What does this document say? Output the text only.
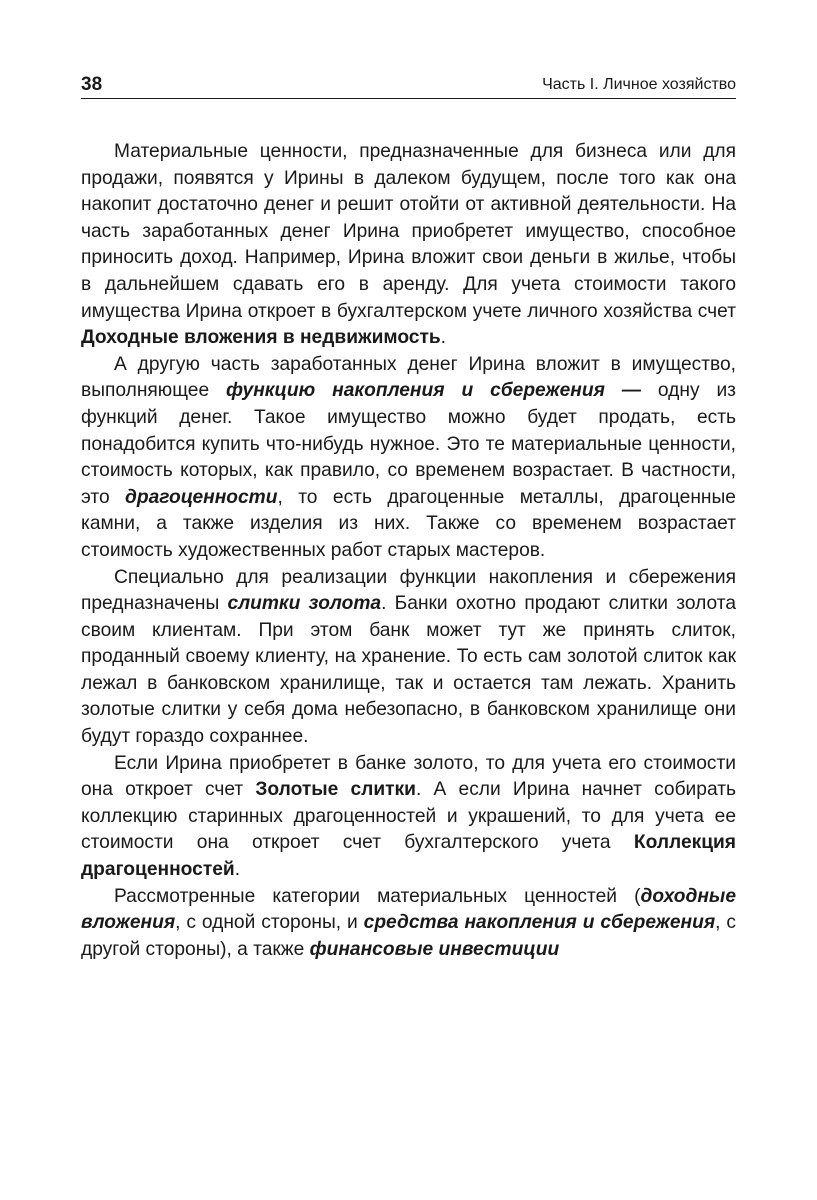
38	Часть I. Личное хозяйство

Материальные ценности, предназначенные для бизнеса или для продажи, появятся у Ирины в далеком будущем, после того как она накопит достаточно денег и решит отойти от активной деятельности. На часть заработанных денег Ирина приобретет имущество, способное приносить доход. Например, Ирина вложит свои деньги в жилье, чтобы в дальнейшем сдавать его в аренду. Для учета стоимости такого имущества Ирина откроет в бухгалтерском учете личного хозяйства счет Доходные вложения в недвижимость.

А другую часть заработанных денег Ирина вложит в имущество, выполняющее функцию накопления и сбережения — одну из функций денег. Такое имущество можно будет продать, есть понадобится купить что-нибудь нужное. Это те материальные ценности, стоимость которых, как правило, со временем возрастает. В частности, это драгоценности, то есть драгоценные металлы, драгоценные камни, а также изделия из них. Также со временем возрастает стоимость художественных работ старых мастеров.

Специально для реализации функции накопления и сбережения предназначены слитки золота. Банки охотно продают слитки золота своим клиентам. При этом банк может тут же принять слиток, проданный своему клиенту, на хранение. То есть сам золотой слиток как лежал в банковском хранилище, так и остается там лежать. Хранить золотые слитки у себя дома небезопасно, в банковском хранилище они будут гораздо сохраннее.

Если Ирина приобретет в банке золото, то для учета его стоимости она откроет счет Золотые слитки. А если Ирина начнет собирать коллекцию старинных драгоценностей и украшений, то для учета ее стоимости она откроет счет бухгалтерского учета Коллекция драгоценностей.

Рассмотренные категории материальных ценностей (доходные вложения, с одной стороны, и средства накопления и сбережения, с другой стороны), а также финансовые инвестиции
